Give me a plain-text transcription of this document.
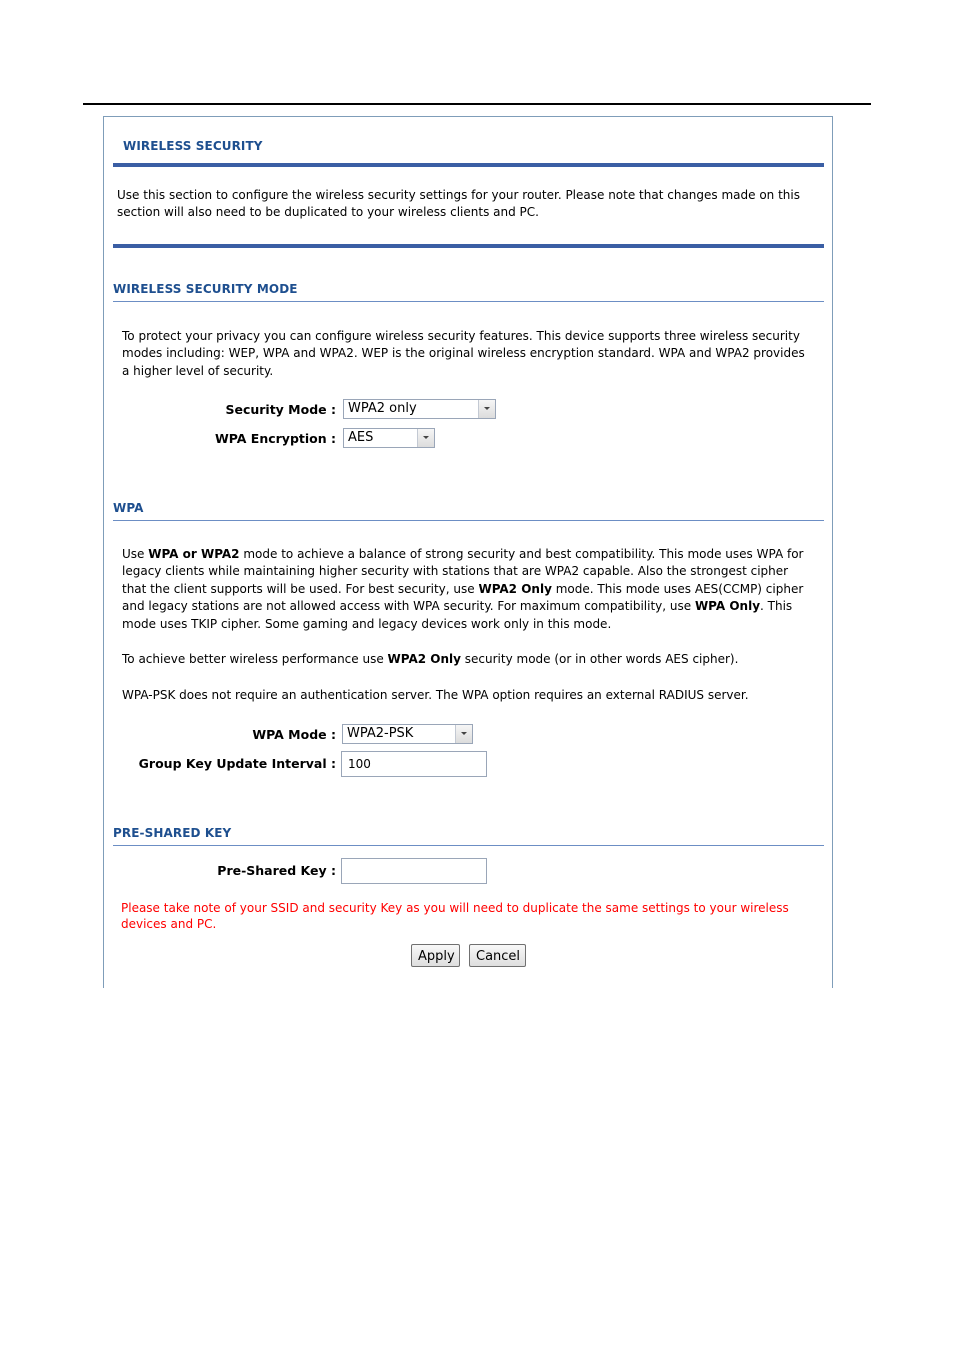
WIRELESS SECURITY
Use this section to configure the wireless security settings for your router. Please note that changes made on this section will also need to be duplicated to your wireless clients and PC.
WIRELESS SECURITY MODE
To protect your privacy you can configure wireless security features. This device supports three wireless security modes including: WEP, WPA and WPA2. WEP is the original wireless encryption standard. WPA and WPA2 provides a higher level of security.
Security Mode : WPA2 only
WPA Encryption : AES
WPA
Use WPA or WPA2 mode to achieve a balance of strong security and best compatibility. This mode uses WPA for legacy clients while maintaining higher security with stations that are WPA2 capable. Also the strongest cipher that the client supports will be used. For best security, use WPA2 Only mode. This mode uses AES(CCMP) cipher and legacy stations are not allowed access with WPA security. For maximum compatibility, use WPA Only. This mode uses TKIP cipher. Some gaming and legacy devices work only in this mode.
To achieve better wireless performance use WPA2 Only security mode (or in other words AES cipher).
WPA-PSK does not require an authentication server. The WPA option requires an external RADIUS server.
WPA Mode : WPA2-PSK
Group Key Update Interval :	100
PRE-SHARED KEY
Pre-Shared Key :
Please take note of your SSID and security Key as you will need to duplicate the same settings to your wireless devices and PC.
Apply	Cancel
